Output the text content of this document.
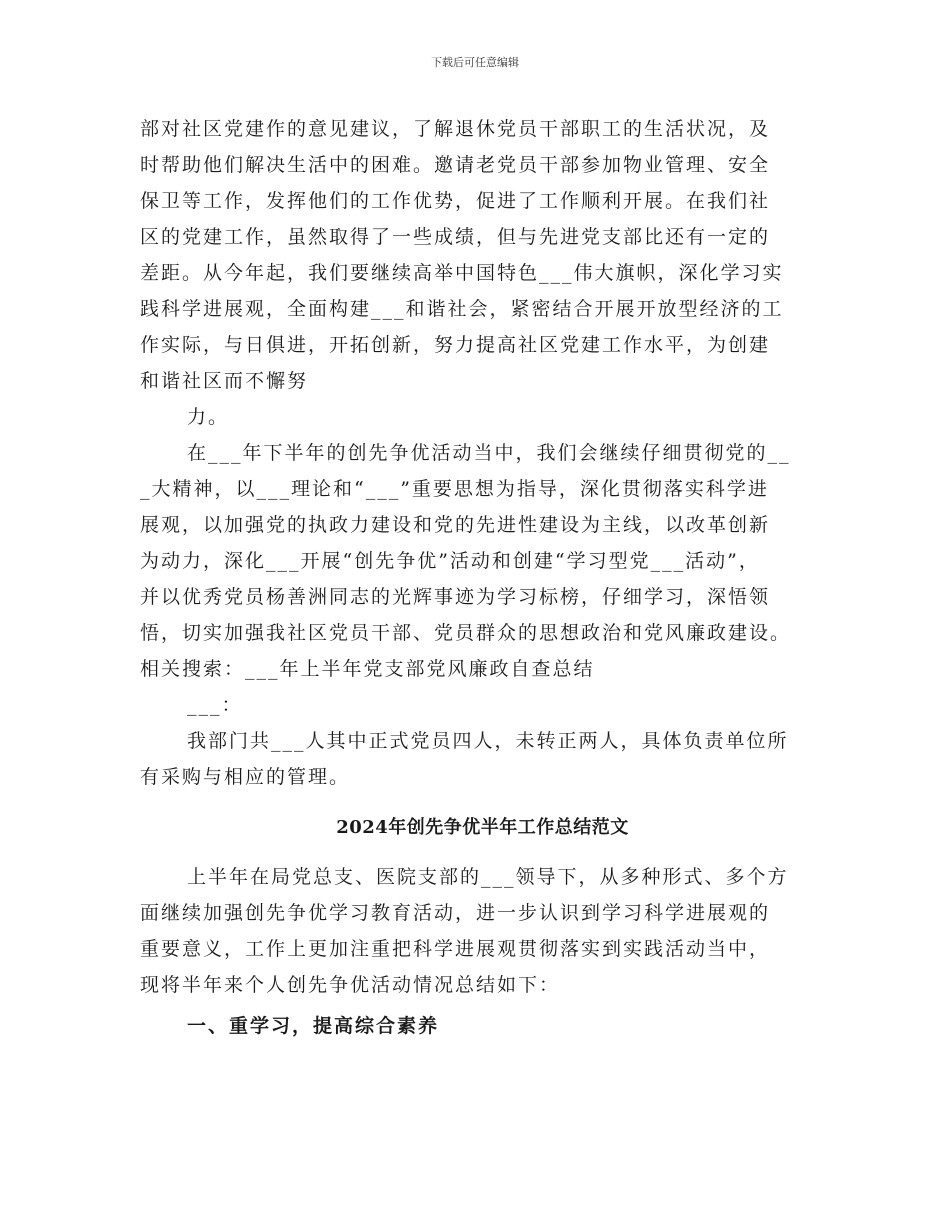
下载后可任意编辑
部对社区党建作的意见建议，了解退休党员干部职工的生活状况，及
时帮助他们解决生活中的困难。邀请老党员干部参加物业管理、安全
保卫等工作，发挥他们的工作优势，促进了工作顺利开展。在我们社
区的党建工作，虽然取得了一些成绩，但与先进党支部比还有一定的
差距。从今年起，我们要继续高举中国特色___伟大旗帜，深化学习实
践科学进展观，全面构建___和谐社会，紧密结合开展开放型经济的工
作实际，与日俱进，开拓创新，努力提高社区党建工作水平，为创建
和谐社区而不懈努
力。
在___年下半年的创先争优活动当中，我们会继续仔细贯彻党的__
_大精神，以___理论和“___”重要思想为指导，深化贯彻落实科学进
展观，以加强党的执政力建设和党的先进性建设为主线，以改革创新
为动力，深化___开展“创先争优”活动和创建“学习型党___活动”，
并以优秀党员杨善洲同志的光辉事迹为学习标榜，仔细学习，深悟领
悟，切实加强我社区党员干部、党员群众的思想政治和党风廉政建设。
相关搜索：___年上半年党支部党风廉政自查总结
___：
我部门共___人其中正式党员四人，未转正两人，具体负责单位所
有采购与相应的管理。
2024年创先争优半年工作总结范文
上半年在局党总支、医院支部的___领导下，从多种形式、多个方
面继续加强创先争优学习教育活动，进一步认识到学习科学进展观的
重要意义，工作上更加注重把科学进展观贯彻落实到实践活动当中，
现将半年来个人创先争优活动情况总结如下：
一、重学习，提高综合素养
